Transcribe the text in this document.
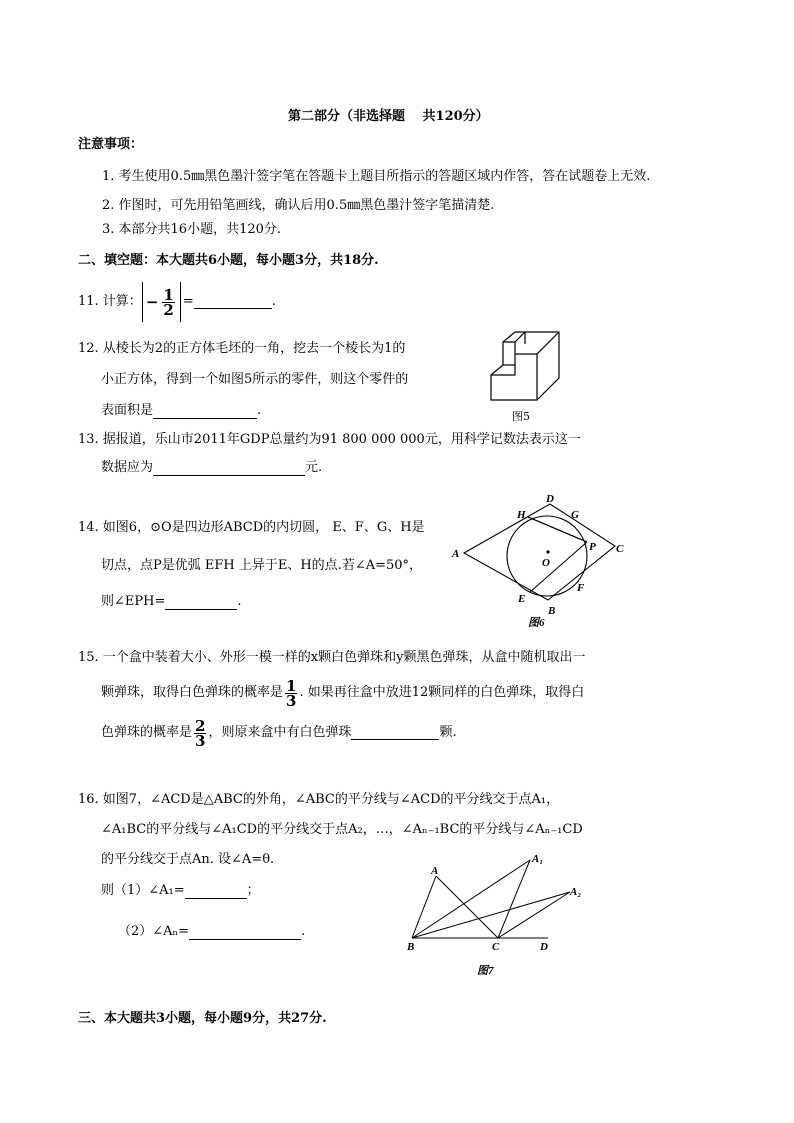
第二部分（非选择题　 共120分）
注意事项：
1. 考生使用0.5㎜黑色墨汁签字笔在答题卡上题目所指示的答题区域内作答，答在试题卷上无效.
2. 作图时，可先用铅笔画线，确认后用0.5㎜黑色墨汁签字笔描清楚.
3. 本部分共16小题，共120分.
二、填空题：本大题共6小题，每小题3分，共18分.
11. 计算： − $\frac{1}{2}$ =	.
12. 从棱长为2的正方体毛坯的一角，挖去一个棱长为1的
小正方体，得到一个如图5所示的零件，则这个零件的
表面积是	.	图5
13. 据报道，乐山市2011年GDP总量约为91 800 000 000元，用科学记数法表示这一
数据应为	元.
14. 如图6，⊙O是四边形ABCD的内切圆， E、F、G、H是
切点，点P是优弧 EFH 上异于E、H的点.若∠A=50°，
则∠EPH=	.
A
D
C
B
H	G
P
F
E
O
图6
15. 一个盒中装着大小、外形一模一样的x颗白色弹珠和y颗黑色弹珠，从盒中随机取出一
颗弹珠，取得白色弹珠的概率是 $\frac{1}{3}$ . 如果再往盒中放进12颗同样的白色弹珠，取得白
色弹珠的概率是 $\frac{2}{3}$ ，则原来盒中有白色弹珠	颗.
16. 如图7，∠ACD是△ABC的外角，∠ABC的平分线与∠ACD的平分线交于点A₁，
∠A₁BC的平分线与∠A₁CD的平分线交于点A₂，…，∠Aₙ₋₁BC的平分线与∠Aₙ₋₁CD
的平分线交于点An. 设∠A=θ.
则（1）∠A₁=	；
（2）∠Aₙ=	.
A
A₁
A₂
B	C	D
图7
三、本大题共3小题，每小题9分，共27分.
